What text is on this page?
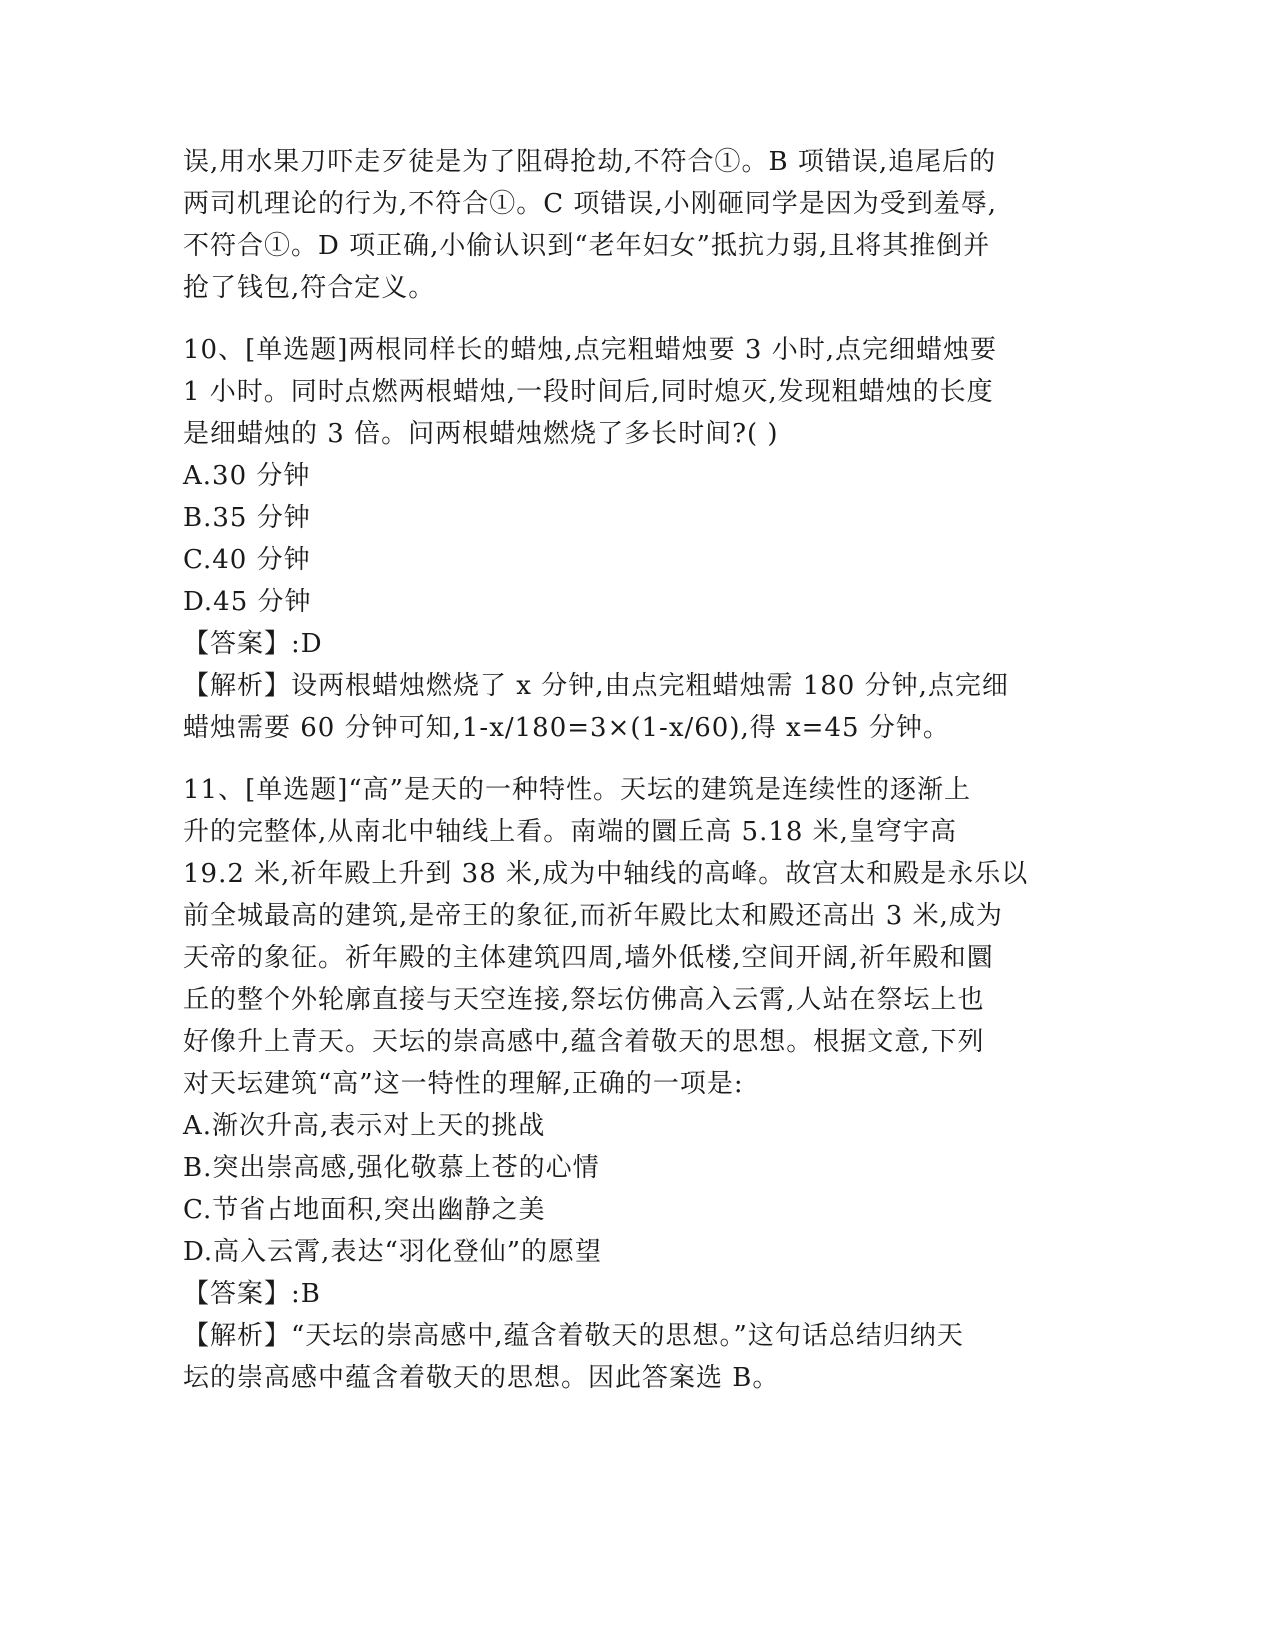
误,用水果刀吓走歹徒是为了阻碍抢劫,不符合①。B 项错误,追尾后的
两司机理论的行为,不符合①。C 项错误,小刚砸同学是因为受到羞辱,
不符合①。D 项正确,小偷认识到“老年妇女”抵抗力弱,且将其推倒并
抢了钱包,符合定义。
10、[单选题]两根同样长的蜡烛,点完粗蜡烛要 3 小时,点完细蜡烛要
1 小时。同时点燃两根蜡烛,一段时间后,同时熄灭,发现粗蜡烛的长度
是细蜡烛的 3 倍。问两根蜡烛燃烧了多长时间?( )
A.30 分钟
B.35 分钟
C.40 分钟
D.45 分钟
【答案】:D
【解析】设两根蜡烛燃烧了 x 分钟,由点完粗蜡烛需 180 分钟,点完细
蜡烛需要 60 分钟可知,1-x/180=3×(1-x/60),得 x=45 分钟。
11、[单选题]“高”是天的一种特性。天坛的建筑是连续性的逐渐上
升的完整体,从南北中轴线上看。南端的圜丘高 5.18 米,皇穹宇高
19.2 米,祈年殿上升到 38 米,成为中轴线的高峰。故宫太和殿是永乐以
前全城最高的建筑,是帝王的象征,而祈年殿比太和殿还高出 3 米,成为
天帝的象征。祈年殿的主体建筑四周,墙外低楼,空间开阔,祈年殿和圜
丘的整个外轮廓直接与天空连接,祭坛仿佛高入云霄,人站在祭坛上也
好像升上青天。天坛的崇高感中,蕴含着敬天的思想。根据文意,下列
对天坛建筑“高”这一特性的理解,正确的一项是:
A.渐次升高,表示对上天的挑战
B.突出崇高感,强化敬慕上苍的心情
C.节省占地面积,突出幽静之美
D.高入云霄,表达“羽化登仙”的愿望
【答案】:B
【解析】“天坛的崇高感中,蕴含着敬天的思想。”这句话总结归纳天
坛的崇高感中蕴含着敬天的思想。因此答案选 B。
